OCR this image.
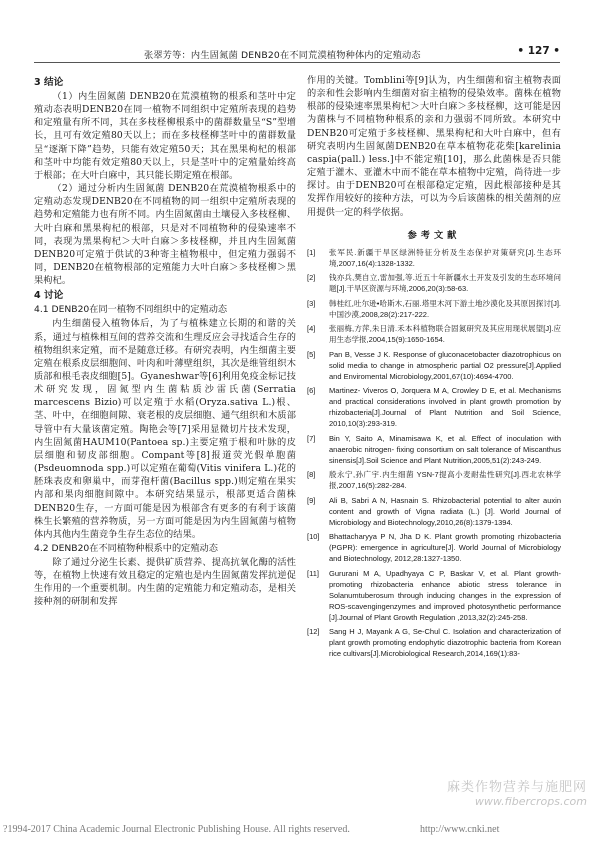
张翠芳等：内生固氮菌 DENB20在不同荒漠植物种体内的定殖动态	• 127 •
3 结论

（1）内生固氮菌 DENB20在荒漠植物的根系和茎叶中定殖动态表明DENB20在同一植物不同组织中定殖所表现的趋势和定殖量有所不同，其在多枝柽柳根系中的菌群数量呈“S”型增长，且可有效定殖80天以上；而在多枝柽柳茎叶中的菌群数量呈“逐渐下降”趋势，只能有效定殖50天；其在黑果枸杞的根部和茎叶中均能有效定殖80天以上，只是茎叶中的定殖量始终高于根部；在大叶白麻中，其只能长期定殖在根部。

（2）通过分析内生固氮菌 DENB20在荒漠植物根系中的定殖动态发现DENB20在不同植物的同一组织中定殖所表现的趋势和定殖能力也有所不同。内生固氮菌由土壤侵入多枝柽柳、大叶白麻和黑果枸杞的根部，只是对不同植物种的侵染速率不同，表现为黑果枸杞＞大叶白麻＞多枝柽柳，并且内生固氮菌 DENB20可定殖于供试的3种寄主植物根中，但定殖力强弱不同，DENB20在植物根部的定殖能力大叶白麻＞多枝柽柳＞黑果枸杞。

4 讨论
4.1 DENB20在同一植物不同组织中的定殖动态

内生细菌侵入植物体后，为了与植株建立长期的和谐的关系，通过与植株相互间的营养交流和生理反应会寻找适合生存的植物组织来定殖，而不是随意迁移。有研究表明，内生细菌主要定殖在根系皮层细胞间、叶肉和叶薄壁组织，其次是维管组织木质部和根毛表皮细胞[5]。Gyaneshwar等[6]利用免疫金标记技术研究发现，固氮型内生菌粘质沙雷氏菌(Serratia marcescens Bizio)可以定殖于水稻(Oryza.sativa L.)根、茎、叶中，在细胞间隙、衰老根的皮层细胞、通气组织和木质部导管中有大量该菌定殖。陶艳会等[7]采用显微切片技术发现，内生固氮菌HAUM10(Pantoea sp.)主要定殖于根和叶脉的皮层细胞和韧皮部细胞。Compant等[8]报道荧光假单胞菌(Psdeuomnoda spp.)可以定殖在葡萄(Vitis vinifera L.)花的胚珠表皮和卵巢中，而芽孢杆菌(Bacillus spp.)则定殖在果实内部和果肉细胞间隙中。本研究结果显示，根部更适合菌株DENB20生存，一方面可能是因为根部含有更多的有利于该菌株生长繁殖的营养物质，另一方面可能是因为内生固氮菌与植物体内其他内生菌竞争生存生态位的结果。

4.2 DENB20在不同植物种根系中的定殖动态

除了通过分泌生长素、提供矿质营养、提高抗氧化酶的活性等，在植物上快速有效且稳定的定殖也是内生固氮菌发挥抗逆促生作用的一个重要机制。内生菌的定殖能力和定殖动态，是相关接种剂的研制和发挥

作用的关键。Tomblini等[9]认为，内生细菌和宿主植物表面的亲和性会影响内生细菌对宿主植物的侵染效率。菌株在植物根部的侵染速率黑果枸杞＞大叶白麻＞多枝柽柳，这可能是因为菌株与不同植物种根系的亲和力强弱不同所致。本研究中DENB20可定殖于多枝柽柳、黑果枸杞和大叶白麻中，但有研究表明内生固氮菌DENB20在草本植物花花柴[karelinia caspia(pall.) less.]中不能定殖[10]，那么此菌株是否只能定殖于灌木、亚灌木中而不能在草本植物中定殖，尚待进一步探讨。由于DENB20可在根部稳定定殖，因此根部接种是其发挥作用较好的接种方法，可以为今后该菌株的相关菌剂的应用提供一定的科学依据。

参考文献
[1] 张军民.新疆干旱区绿洲特征分析及生态保护对策研究[J].生态环境,2007,16(4):1328-1332.
[2] 钱亦兵,樊自立,雷加强,等.近五十年新疆水土开发及引发的生态环境问题[J].干旱区资源与环境,2006,20(3):58-63.
[3] 韩桂红,吐尔逊•哈斯木,石丽.塔里木河下游土地沙漠化及其原因探讨[J].中国沙漠,2008,28(2):217-222.
[4] 张丽梅,方萍,朱日清.禾本科植物联合固氮研究及其应用现状展望[J].应用生态学报,2004,15(9):1650-1654.
[5] Pan B, Vesse J K. Response of gluconacetobacter diazotrophicus on solid media to change in atmospheric partial O2 pressure[J].Applied and Enviromental Microbiology,2001,67(10):4694-4700.
[6] Martinez- Viveros O, Jorquera M A, Crowley D E, et al. Mechanisms and practical considerations involved in plant growth promotion by rhizobacteria[J].Journal of Plant Nutrition and Soil Science, 2010,10(3):293-319.
[7] Bin Y, Saito A, Minamisawa K, et al. Effect of inoculation with anaerobic nitrogen- fixing consortium on salt tolerance of Miscanthus sinensis[J].Soil Science and Plant Nutrition,2005,51(2):243-249.
[8] 殷永宁,孙广宇.内生细菌 YSN-7提高小麦耐盐性研究[J].西北农林学报,2007,16(5):282-284.
[9] Ali B, Sabri A N, Hasnain S. Rhizobacterial potential to alter auxin content and growth of Vigna radiata (L.) [J]. World Journal of Microbiology and Biotechnology,2010,26(8):1379-1394.
[10] Bhattacharyya P N, Jha D K. Plant growth promoting rhizobacteria (PGPR): emergence in agriculture[J]. World Journal of Microbiology and Biotechnology, 2012,28:1327-1350.
[11] Gururani M A, Upadhyaya C P, Baskar V, et al. Plant growth-promoting rhizobacteria enhance abiotic stress tolerance in Solanumtuberosum through inducing changes in the expression of ROS-scavengingenzymes and improved photosynthetic performance [J].Journal of Plant Growth Regulation ,2013,32(2):245-258.
[12] Sang H J, Mayank A G, Se-Chul C. Isolation and characterization of plant growth promoting endophytic diazotrophic bacteria from Korean rice cultivars[J].Microbiological Research,2014,169(1):83-
?1994-2017 China Academic Journal Electronic Publishing House. All rights reserved.	http://www.cnki.net
麻类作物营养与施肥网
www.fibercrops.com
